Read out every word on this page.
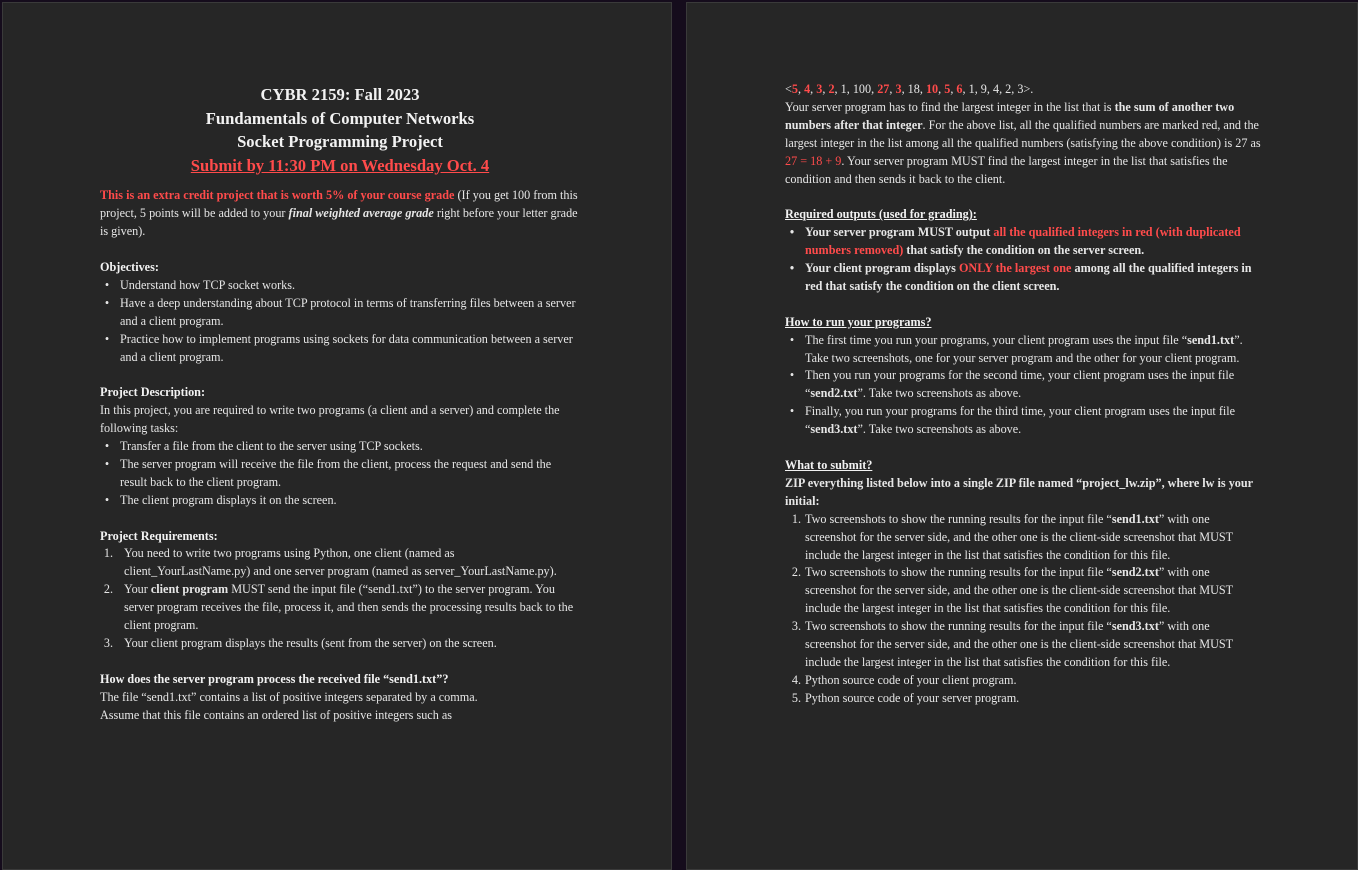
CYBR 2159: Fall 2023

Fundamentals of Computer Networks

Socket Programming Project

Submit by 11:30 PM on Wednesday Oct. 4

This is an extra credit project that is worth 5% of your course grade (If you get 100 from this project, 5 points will be added to your final weighted average grade right before your letter grade is given).

Objectives:

• Understand how TCP socket works.
• Have a deep understanding about TCP protocol in terms of transferring files between a server and a client program.
• Practice how to implement programs using sockets for data communication between a server and a client program.

Project Description:

In this project, you are required to write two programs (a client and a server) and complete the following tasks:

• Transfer a file from the client to the server using TCP sockets.
• The server program will receive the file from the client, process the request and send the result back to the client program.
• The client program displays it on the screen.

Project Requirements:

1. You need to write two programs using Python, one client (named as client_YourLastName.py) and one server program (named as server_YourLastName.py).
2. Your client program MUST send the input file (“send1.txt”) to the server program. You server program receives the file, process it, and then sends the processing results back to the client program.
3. Your client program displays the results (sent from the server) on the screen.

How does the server program process the received file “send1.txt”?

The file “send1.txt” contains a list of positive integers separated by a comma.

Assume that this file contains an ordered list of positive integers such as

<5, 4, 3, 2, 1, 100, 27, 3, 18, 10, 5, 6, 1, 9, 4, 2, 3>.

Your server program has to find the largest integer in the list that is the sum of another two numbers after that integer. For the above list, all the qualified numbers are marked red, and the largest integer in the list among all the qualified numbers (satisfying the above condition) is 27 as 27 = 18 + 9. Your server program MUST find the largest integer in the list that satisfies the condition and then sends it back to the client.

Required outputs (used for grading):

• Your server program MUST output all the qualified integers in red (with duplicated numbers removed) that satisfy the condition on the server screen.
• Your client program displays ONLY the largest one among all the qualified integers in red that satisfy the condition on the client screen.

How to run your programs?

• The first time you run your programs, your client program uses the input file “send1.txt”. Take two screenshots, one for your server program and the other for your client program.
• Then you run your programs for the second time, your client program uses the input file “send2.txt”. Take two screenshots as above.
• Finally, you run your programs for the third time, your client program uses the input file “send3.txt”. Take two screenshots as above.

What to submit?

ZIP everything listed below into a single ZIP file named “project_lw.zip”, where lw is your initial:

1. Two screenshots to show the running results for the input file “send1.txt” with one screenshot for the server side, and the other one is the client-side screenshot that MUST include the largest integer in the list that satisfies the condition for this file.
2. Two screenshots to show the running results for the input file “send2.txt” with one screenshot for the server side, and the other one is the client-side screenshot that MUST include the largest integer in the list that satisfies the condition for this file.
3. Two screenshots to show the running results for the input file “send3.txt” with one screenshot for the server side, and the other one is the client-side screenshot that MUST include the largest integer in the list that satisfies the condition for this file.
4. Python source code of your client program.
5. Python source code of your server program.
